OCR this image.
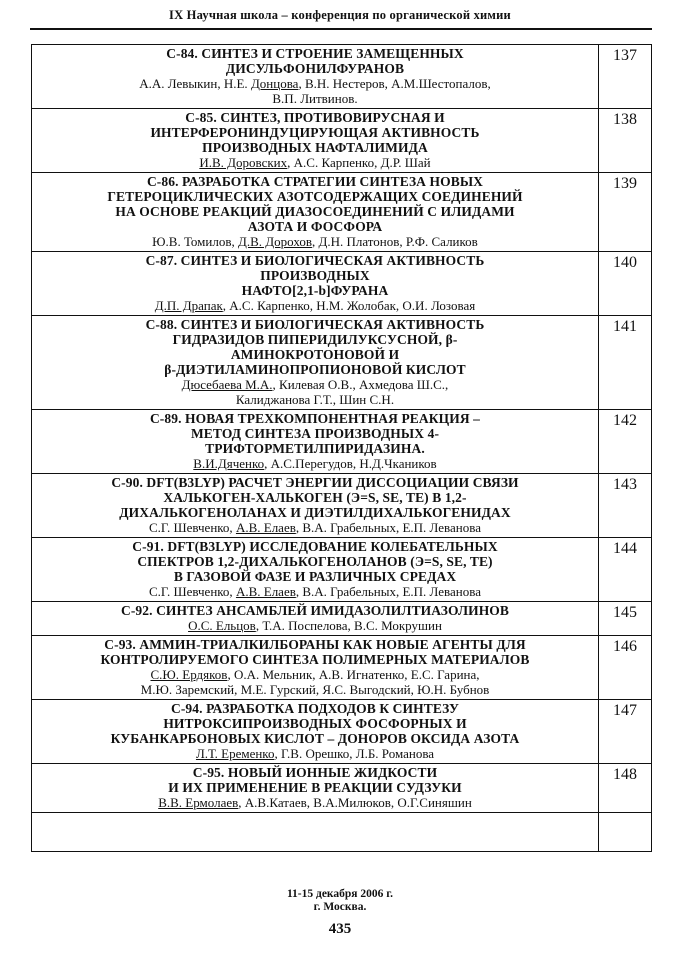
IX Научная школа – конференция по органической химии
С-84. СИНТЕЗ И СТРОЕНИЕ ЗАМЕЩЕННЫХ
ДИСУЛЬФОНИЛФУРАНОВ
А.А. Левыкин, Н.Е. Донцова, В.Н. Нестеров, А.М.Шестопалов,
В.П. Литвинов.
137
С-85. СИНТЕЗ, ПРОТИВОВИРУСНАЯ И
ИНТЕРФЕРОНИНДУЦИРУЮЩАЯ АКТИВНОСТЬ
ПРОИЗВОДНЫХ НАФТАЛИМИДА
И.В. Доровских, А.С. Карпенко, Д.Р. Шай
138
С-86. РАЗРАБОТКА СТРАТЕГИИ СИНТЕЗА НОВЫХ
ГЕТЕРОЦИКЛИЧЕСКИХ АЗОТСОДЕРЖАЩИХ СОЕДИНЕНИЙ
НА ОСНОВЕ РЕАКЦИЙ ДИАЗОСОЕДИНЕНИЙ С ИЛИДАМИ
АЗОТА И ФОСФОРА
Ю.В. Томилов, Д.В. Дорохов, Д.Н. Платонов, Р.Ф. Саликов
139
С-87. СИНТЕЗ И БИОЛОГИЧЕСКАЯ АКТИВНОСТЬ
ПРОИЗВОДНЫХ
НАФТО[2,1-b]ФУРАНА
Д.П. Драпак, А.С. Карпенко, Н.М. Жолобак, О.И. Лозовая
140
С-88. СИНТЕЗ И БИОЛОГИЧЕСКАЯ АКТИВНОСТЬ
ГИДРАЗИДОВ ПИПЕРИДИЛУКСУСНОЙ, β-
АМИНОКРОТОНОВОЙ И
β-ДИЭТИЛАМИНОПРОПИОНОВОЙ КИСЛОТ
Дюсебаева М.А., Килевая О.В., Ахмедова Ш.С.,
Калиджанова Г.Т., Шин С.Н.
141
С-89. НОВАЯ ТРЕХКОМПОНЕНТНАЯ РЕАКЦИЯ –
МЕТОД СИНТЕЗА ПРОИЗВОДНЫХ 4-
ТРИФТОРМЕТИЛПИРИДАЗИНА.
В.И.Дяченко, А.С.Перегудов, Н.Д.Чкаников
142
С-90. DFT(B3LYP) РАСЧЕТ ЭНЕРГИИ ДИССОЦИАЦИИ СВЯЗИ
ХАЛЬКОГЕН-ХАЛЬКОГЕН (Э=S, SE, TE) В 1,2-
ДИХАЛЬКОГЕНОЛАНАХ И ДИЭТИЛДИХАЛЬКОГЕНИДАХ
С.Г. Шевченко, А.В. Елаев, В.А. Грабельных, Е.П. Леванова
143
С-91. DFT(B3LYP) ИССЛЕДОВАНИЕ КОЛЕБАТЕЛЬНЫХ
СПЕКТРОВ 1,2-ДИХАЛЬКОГЕНОЛАНОВ (Э=S, SE, TE)
В ГАЗОВОЙ ФАЗЕ И РАЗЛИЧНЫХ СРЕДАХ
С.Г. Шевченко, А.В. Елаев, В.А. Грабельных, Е.П. Леванова
144
С-92. СИНТЕЗ АНСАМБЛЕЙ ИМИДАЗОЛИЛТИАЗОЛИНОВ
О.С. Ельцов, Т.А. Поспелова, В.С. Мокрушин
145
С-93. АММИН-ТРИАЛКИЛБОРАНЫ КАК НОВЫЕ АГЕНТЫ ДЛЯ
КОНТРОЛИРУЕМОГО СИНТЕЗА ПОЛИМЕРНЫХ МАТЕРИАЛОВ
С.Ю. Ердяков, О.А. Мельник, А.В. Игнатенко, Е.С. Гарина,
М.Ю. Заремский, М.Е. Гурский, Я.С. Выгодский, Ю.Н. Бубнов
146
С-94. РАЗРАБОТКА ПОДХОДОВ К СИНТЕЗУ
НИТРОКСИПРОИЗВОДНЫХ ФОСФОРНЫХ И
КУБАНКАРБОНОВЫХ КИСЛОТ – ДОНОРОВ ОКСИДА АЗОТА
Л.Т. Еременко, Г.В. Орешко, Л.Б. Романова
147
С-95. НОВЫЙ ИОННЫЕ ЖИДКОСТИ
И ИХ ПРИМЕНЕНИЕ В РЕАКЦИИ СУДЗУКИ
В.В. Ермолаев, А.В.Катаев, В.А.Милюков, О.Г.Синяшин
148
11-15 декабря 2006 г.
г. Москва.
435
